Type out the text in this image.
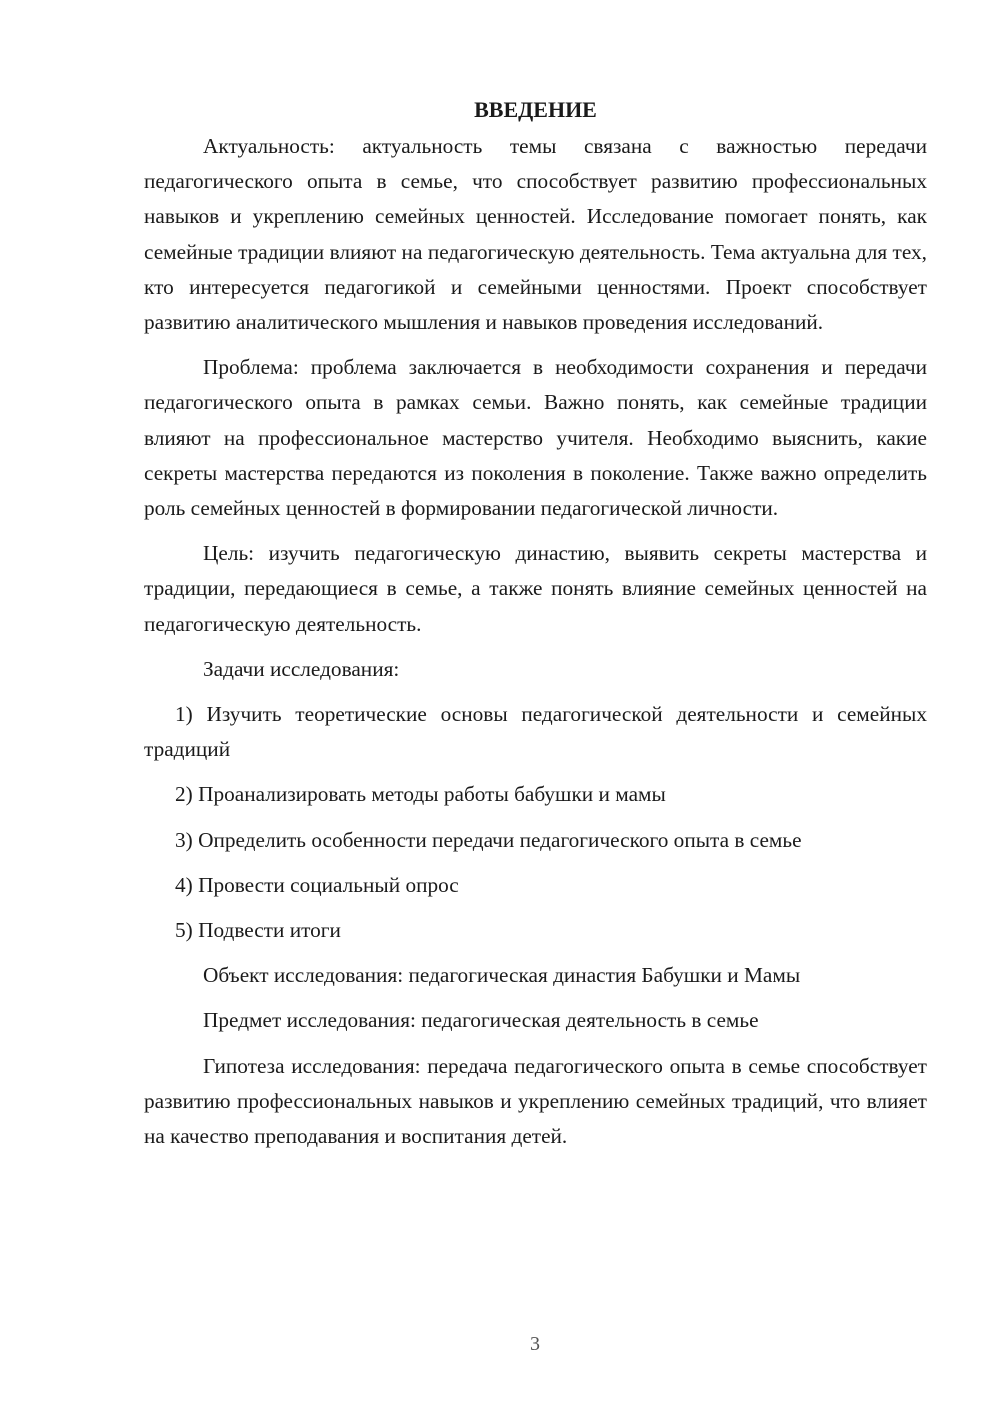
ВВЕДЕНИЕ

Актуальность: актуальность темы связана с важностью передачи педагогического опыта в семье, что способствует развитию профессиональных навыков и укреплению семейных ценностей. Исследование помогает понять, как семейные традиции влияют на педагогическую деятельность. Тема актуальна для тех, кто интересуется педагогикой и семейными ценностями. Проект способствует развитию аналитического мышления и навыков проведения исследований.

Проблема: проблема заключается в необходимости сохранения и передачи педагогического опыта в рамках семьи. Важно понять, как семейные традиции влияют на профессиональное мастерство учителя. Необходимо выяснить, какие секреты мастерства передаются из поколения в поколение. Также важно определить роль семейных ценностей в формировании педагогической личности.

Цель: изучить педагогическую династию, выявить секреты мастерства и традиции, передающиеся в семье, а также понять влияние семейных ценностей на педагогическую деятельность.

Задачи исследования:

1) Изучить теоретические основы педагогической деятельности и семейных традиций

2) Проанализировать методы работы бабушки и мамы

3) Определить особенности передачи педагогического опыта в семье

4) Провести социальный опрос

5) Подвести итоги

Объект исследования: педагогическая династия Бабушки и Мамы

Предмет исследования: педагогическая деятельность в семье

Гипотеза исследования: передача педагогического опыта в семье способствует развитию профессиональных навыков и укреплению семейных традиций, что влияет на качество преподавания и воспитания детей.

3
